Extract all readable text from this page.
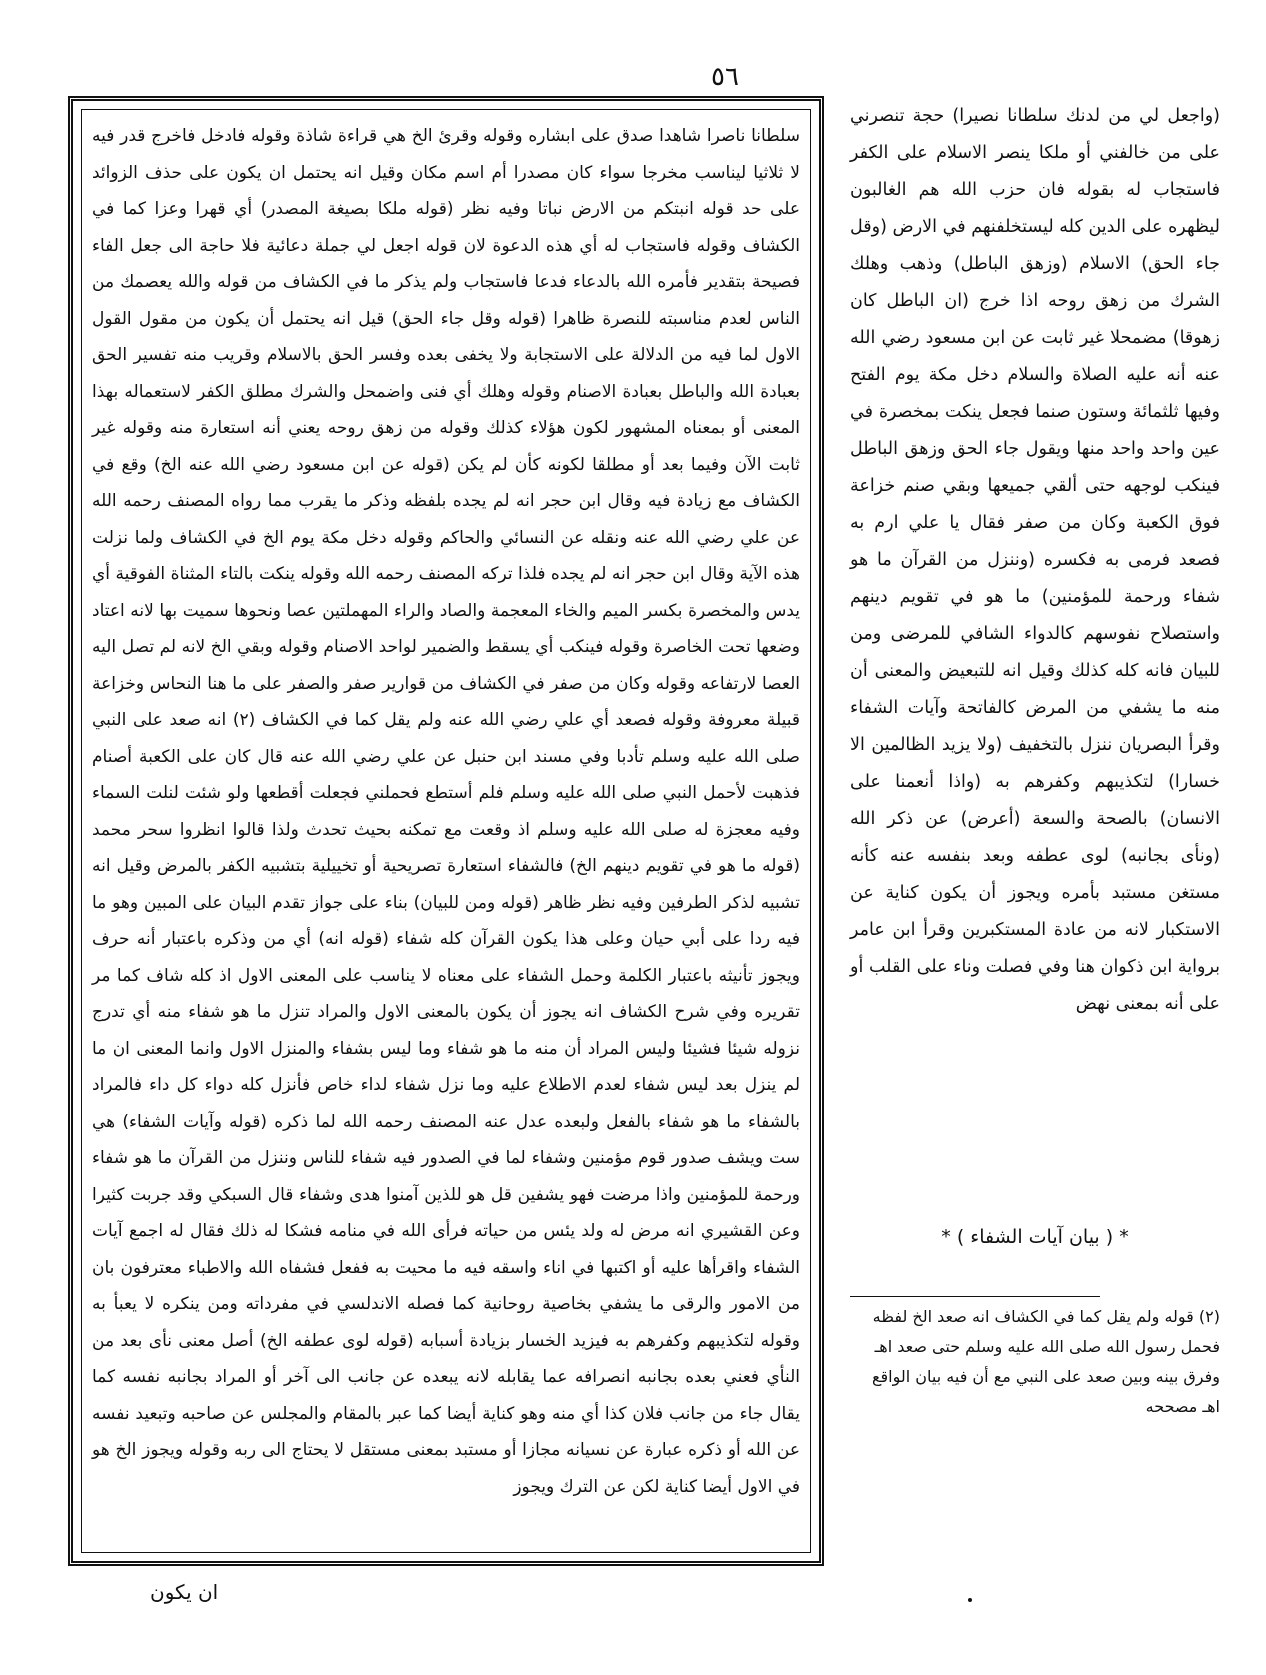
٥٦

سلطانا ناصرا شاهدا صدق على ابشاره وقوله وقرئ الخ هي قراءة شاذة وقوله فادخل فاخرج قدر فيه لا ثلاثيا ليناسب مخرجا سواء كان مصدرا أم اسم مكان وقيل انه يحتمل ان يكون على حذف الزوائد على حد قوله انبتكم من الارض نباتا وفيه نظر (قوله ملكا بصيغة المصدر) أي قهرا وعزا كما في الكشاف وقوله فاستجاب له أي هذه الدعوة لان قوله اجعل لي جملة دعائية فلا حاجة الى جعل الفاء فصيحة بتقدير فأمره الله بالدعاء فدعا فاستجاب ولم يذكر ما في الكشاف من قوله والله يعصمك من الناس لعدم مناسبته للنصرة ظاهرا (قوله وقل جاء الحق) قيل انه يحتمل أن يكون من مقول القول الاول لما فيه من الدلالة على الاستجابة ولا يخفى بعده وفسر الحق بالاسلام وقريب منه تفسير الحق بعبادة الله والباطل بعبادة الاصنام وقوله وهلك أي فنى واضمحل والشرك مطلق الكفر لاستعماله بهذا المعنى أو بمعناه المشهور لكون هؤلاء كذلك وقوله من زهق روحه يعني أنه استعارة منه وقوله غير ثابت الآن وفيما بعد أو مطلقا لكونه كأن لم يكن (قوله عن ابن مسعود رضي الله عنه الخ) وقع في الكشاف مع زيادة فيه وقال ابن حجر انه لم يجده بلفظه وذكر ما يقرب مما رواه المصنف رحمه الله عن علي رضي الله عنه ونقله عن النسائي والحاكم وقوله دخل مكة يوم الخ في الكشاف ولما نزلت هذه الآية وقال ابن حجر انه لم يجده فلذا تركه المصنف رحمه الله وقوله ينكت بالتاء المثناة الفوقية أي يدس والمخصرة بكسر الميم والخاء المعجمة والصاد والراء المهملتين عصا ونحوها سميت بها لانه اعتاد وضعها تحت الخاصرة وقوله فينكب أي يسقط والضمير لواحد الاصنام وقوله وبقي الخ لانه لم تصل اليه العصا لارتفاعه وقوله وكان من صفر في الكشاف من قوارير صفر والصفر على ما هنا النحاس وخزاعة قبيلة معروفة وقوله فصعد أي علي رضي الله عنه ولم يقل كما في الكشاف (٢) انه صعد على النبي صلى الله عليه وسلم تأدبا وفي مسند ابن حنبل عن علي رضي الله عنه قال كان على الكعبة أصنام فذهبت لأحمل النبي صلى الله عليه وسلم فلم أستطع فحملني فجعلت أقطعها ولو شئت لنلت السماء وفيه معجزة له صلى الله عليه وسلم اذ وقعت مع تمكنه بحيث تحدث ولذا قالوا انظروا سحر محمد (قوله ما هو في تقويم دينهم الخ) فالشفاء استعارة تصريحية أو تخييلية بتشبيه الكفر بالمرض وقيل انه تشبيه لذكر الطرفين وفيه نظر ظاهر (قوله ومن للبيان) بناء على جواز تقدم البيان على المبين وهو ما فيه ردا على أبي حيان وعلى هذا يكون القرآن كله شفاء (قوله انه) أي من وذكره باعتبار أنه حرف ويجوز تأنيثه باعتبار الكلمة وحمل الشفاء على معناه لا يناسب على المعنى الاول اذ كله شاف كما مر تقريره وفي شرح الكشاف انه يجوز أن يكون بالمعنى الاول والمراد تنزل ما هو شفاء منه أي تدرج نزوله شيئا فشيئا وليس المراد أن منه ما هو شفاء وما ليس بشفاء والمنزل الاول وانما المعنى ان ما لم ينزل بعد ليس شفاء لعدم الاطلاع عليه وما نزل شفاء لداء خاص فأنزل كله دواء كل داء فالمراد بالشفاء ما هو شفاء بالفعل ولبعده عدل عنه المصنف رحمه الله لما ذكره (قوله وآيات الشفاء) هي ست ويشف صدور قوم مؤمنين وشفاء لما في الصدور فيه شفاء للناس وننزل من القرآن ما هو شفاء ورحمة للمؤمنين واذا مرضت فهو يشفين قل هو للذين آمنوا هدى وشفاء قال السبكي وقد جربت كثيرا وعن القشيري انه مرض له ولد يئس من حياته فرأى الله في منامه فشكا له ذلك فقال له اجمع آيات الشفاء واقرأها عليه أو اكتبها في اناء واسقه فيه ما محيت به ففعل فشفاه الله والاطباء معترفون بان من الامور والرقى ما يشفي بخاصية روحانية كما فصله الاندلسي في مفرداته ومن ينكره لا يعبأ به وقوله لتكذيبهم وكفرهم به فيزيد الخسار بزيادة أسبابه (قوله لوى عطفه الخ) أصل معنى نأى بعد من النأي فعني بعده بجانبه انصرافه عما يقابله لانه يبعده عن جانب الى آخر أو المراد بجانبه نفسه كما يقال جاء من جانب فلان كذا أي منه وهو كناية أيضا كما عبر بالمقام والمجلس عن صاحبه وتبعيد نفسه عن الله أو ذكره عبارة عن نسيانه مجازا أو مستبد بمعنى مستقل لا يحتاج الى ربه وقوله ويجوز الخ هو في الاول أيضا كناية لكن عن الترك ويجوز

(واجعل لي من لدنك سلطانا نصيرا) حجة تنصرني على من خالفني أو ملكا ينصر الاسلام على الكفر فاستجاب له بقوله فان حزب الله هم الغالبون ليظهره على الدين كله ليستخلفنهم في الارض (وقل جاء الحق) الاسلام (وزهق الباطل) وذهب وهلك الشرك من زهق روحه اذا خرج (ان الباطل كان زهوقا) مضمحلا غير ثابت عن ابن مسعود رضي الله عنه أنه عليه الصلاة والسلام دخل مكة يوم الفتح وفيها ثلثمائة وستون صنما فجعل ينكت بمخصرة في عين واحد واحد منها ويقول جاء الحق وزهق الباطل فينكب لوجهه حتى ألقي جميعها وبقي صنم خزاعة فوق الكعبة وكان من صفر فقال يا علي ارم به فصعد فرمى به فكسره (وننزل من القرآن ما هو شفاء ورحمة للمؤمنين) ما هو في تقويم دينهم واستصلاح نفوسهم كالدواء الشافي للمرضى ومن للبيان فانه كله كذلك وقيل انه للتبعيض والمعنى أن منه ما يشفي من المرض كالفاتحة وآيات الشفاء وقرأ البصريان ننزل بالتخفيف (ولا يزيد الظالمين الا خسارا) لتكذيبهم وكفرهم به (واذا أنعمنا على الانسان) بالصحة والسعة (أعرض) عن ذكر الله (ونأى بجانبه) لوى عطفه وبعد بنفسه عنه كأنه مستغن مستبد بأمره ويجوز أن يكون كناية عن الاستكبار لانه من عادة المستكبرين وقرأ ابن عامر برواية ابن ذكوان هنا وفي فصلت وناء على القلب أو على أنه بمعنى نهض

* ( بيان آيات الشفاء ) *

(٢) قوله ولم يقل كما في الكشاف انه صعد الخ لفظه فحمل رسول الله صلى الله عليه وسلم حتى صعد اهـ وفرق بينه وبين صعد على النبي مع أن فيه بيان الواقع اهـ مصححه

ان يكون
